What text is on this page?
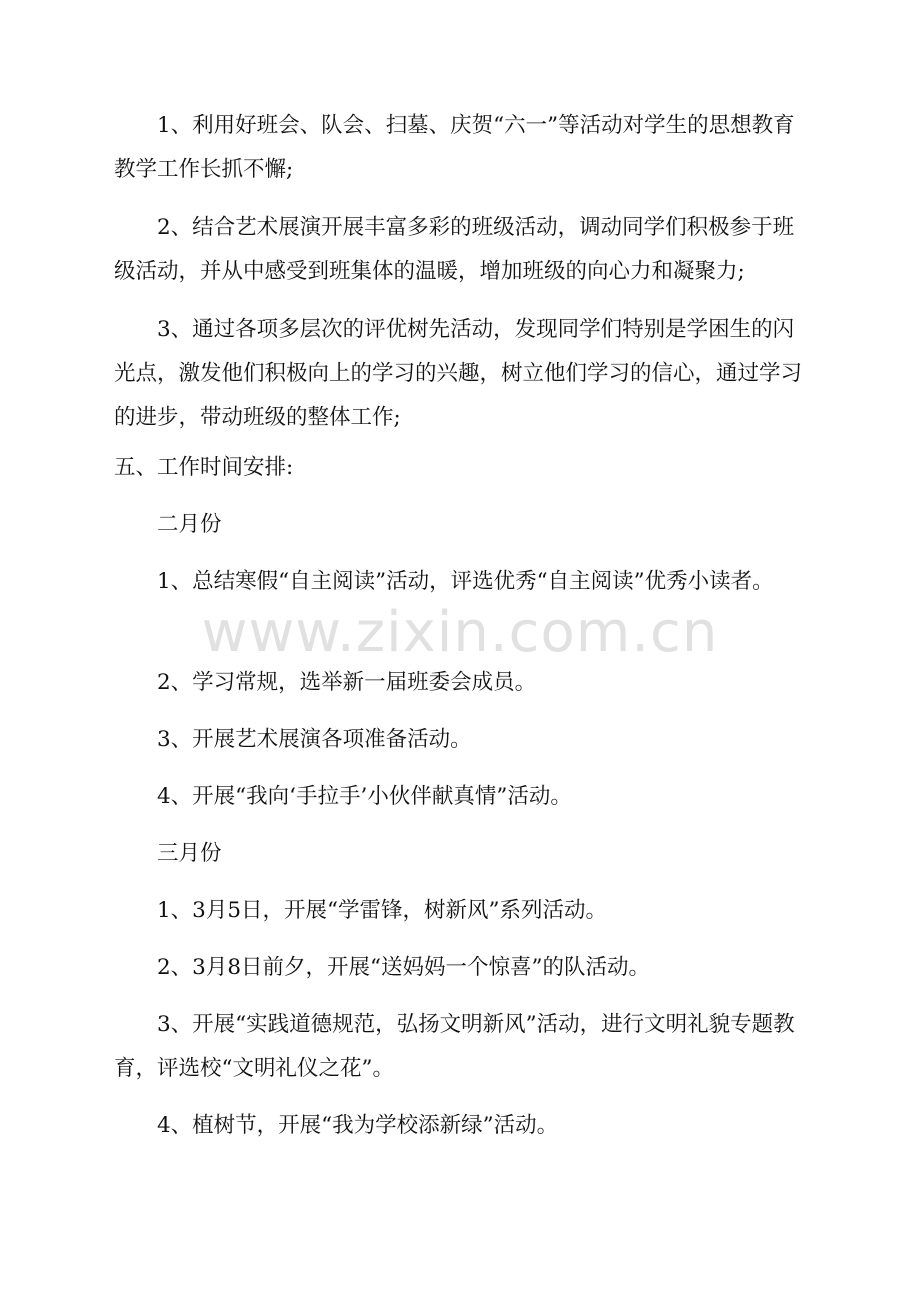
1、利用好班会、队会、扫墓、庆贺“六一”等活动对学生的思想教育教学工作长抓不懈;

2、结合艺术展演开展丰富多彩的班级活动，调动同学们积极参于班级活动，并从中感受到班集体的温暖，增加班级的向心力和凝聚力;

3、通过各项多层次的评优树先活动，发现同学们特别是学困生的闪光点，激发他们积极向上的学习的兴趣，树立他们学习的信心，通过学习的进步，带动班级的整体工作;

五、工作时间安排:

二月份

1、总结寒假“自主阅读”活动，评选优秀“自主阅读”优秀小读者。

2、学习常规，选举新一届班委会成员。

3、开展艺术展演各项准备活动。

4、开展“我向‘手拉手’小伙伴献真情”活动。

三月份

1、3月5日，开展“学雷锋，树新风”系列活动。

2、3月8日前夕，开展“送妈妈一个惊喜”的队活动。

3、开展“实践道德规范，弘扬文明新风”活动，进行文明礼貌专题教育，评选校“文明礼仪之花”。

4、植树节，开展“我为学校添新绿”活动。

www.zixin.com.cn
